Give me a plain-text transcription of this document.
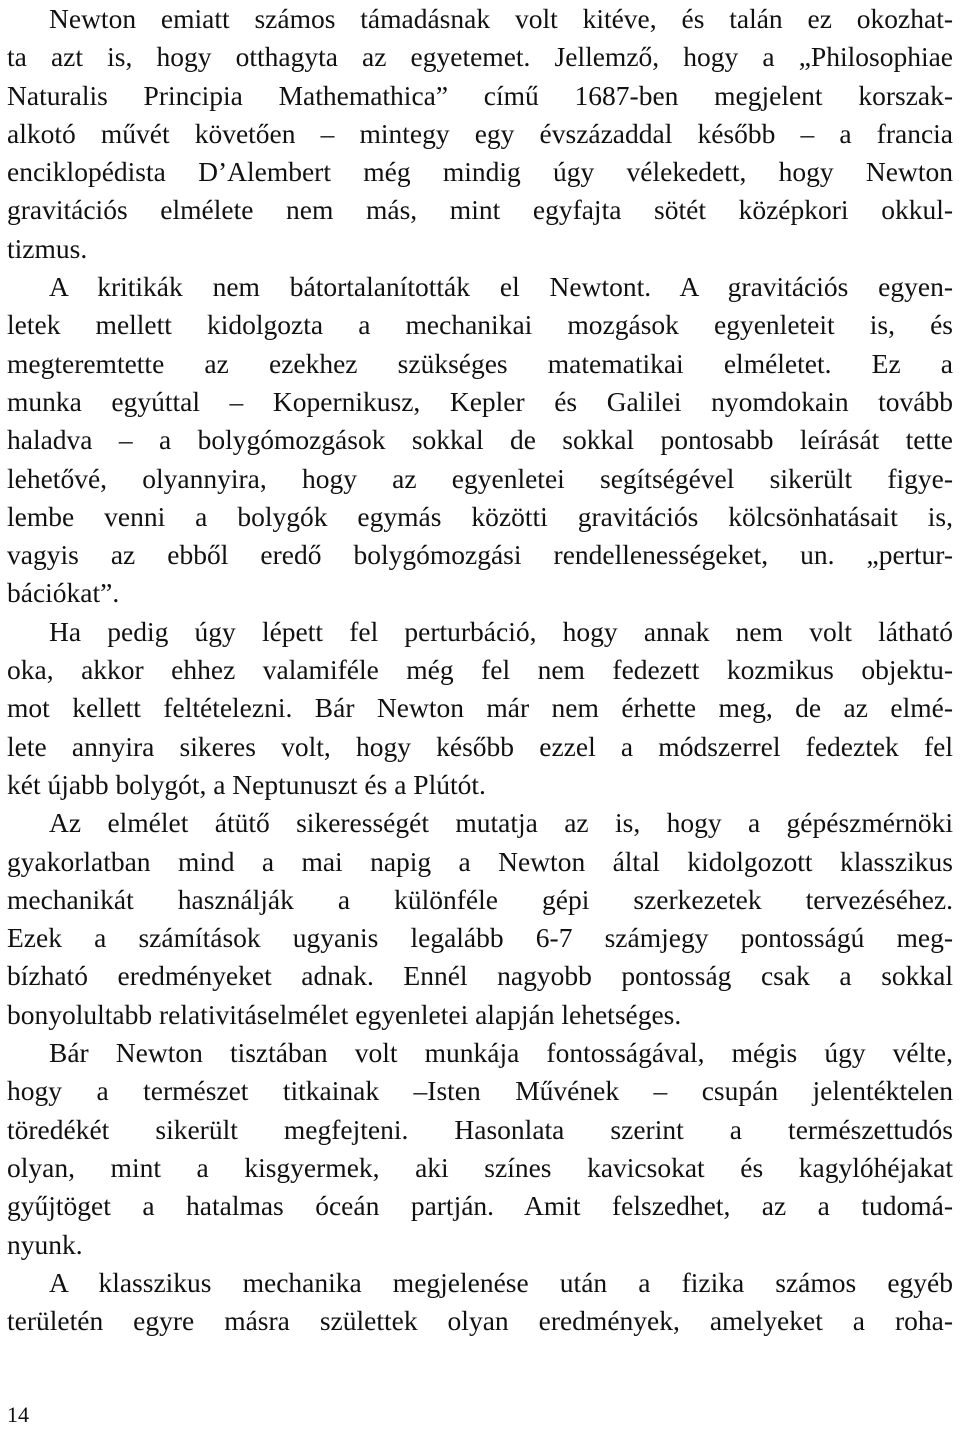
Newton emiatt számos támadásnak volt kitéve, és talán ez okozhat-
ta azt is, hogy otthagyta az egyetemet. Jellemző, hogy a „Philosophiae
Naturalis Principia Mathemathica” című 1687-ben megjelent korszak-
alkotó művét követően – mintegy egy évszázaddal később – a francia
enciklopédista D’Alembert még mindig úgy vélekedett, hogy Newton
gravitációs elmélete nem más, mint egyfajta sötét középkori okkul-
tizmus.
A kritikák nem bátortalanították el Newtont. A gravitációs egyen-
letek mellett kidolgozta a mechanikai mozgások egyenleteit is, és
megteremtette az ezekhez szükséges matematikai elméletet. Ez a
munka egyúttal – Kopernikusz, Kepler és Galilei nyomdokain tovább
haladva – a bolygómozgások sokkal de sokkal pontosabb leírását tette
lehetővé, olyannyira, hogy az egyenletei segítségével sikerült figye-
lembe venni a bolygók egymás közötti gravitációs kölcsönhatásait is,
vagyis az ebből eredő bolygómozgási rendellenességeket, un. „pertur-
bációkat”.
Ha pedig úgy lépett fel perturbáció, hogy annak nem volt látható
oka, akkor ehhez valamiféle még fel nem fedezett kozmikus objektu-
mot kellett feltételezni. Bár Newton már nem érhette meg, de az elmé-
lete annyira sikeres volt, hogy később ezzel a módszerrel fedeztek fel
két újabb bolygót, a Neptunuszt és a Plútót.
Az elmélet átütő sikerességét mutatja az is, hogy a gépészmérnöki
gyakorlatban mind a mai napig a Newton által kidolgozott klasszikus
mechanikát használják a különféle gépi szerkezetek tervezéséhez.
Ezek a számítások ugyanis legalább 6-7 számjegy pontosságú meg-
bízható eredményeket adnak. Ennél nagyobb pontosság csak a sokkal
bonyolultabb relativitáselmélet egyenletei alapján lehetséges.
Bár Newton tisztában volt munkája fontosságával, mégis úgy vélte,
hogy a természet titkainak –Isten Művének – csupán jelentéktelen
töredékét sikerült megfejteni. Hasonlata szerint a természettudós
olyan, mint a kisgyermek, aki színes kavicsokat és kagylóhéjakat
gyűjtöget a hatalmas óceán partján. Amit felszedhet, az a tudomá-
nyunk.
A klasszikus mechanika megjelenése után a fizika számos egyéb
területén egyre másra születtek olyan eredmények, amelyeket a roha-
14
